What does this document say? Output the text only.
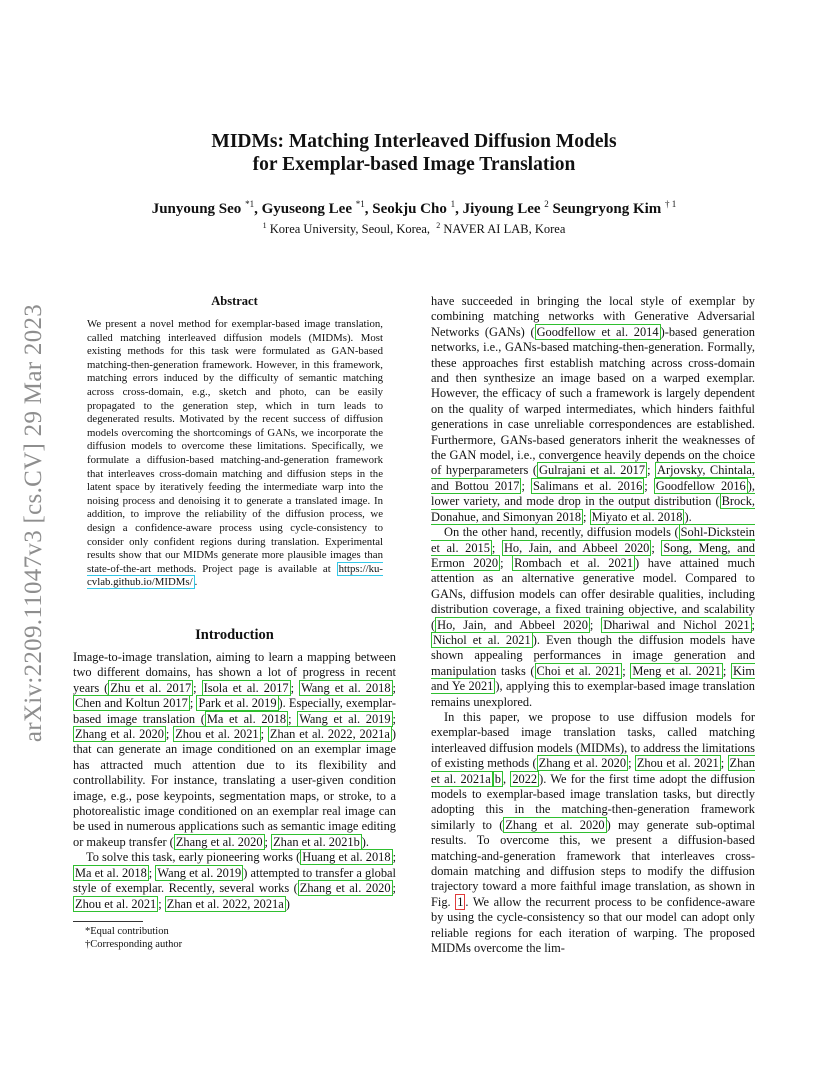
MIDMs: Matching Interleaved Diffusion Models
for Exemplar-based Image Translation
Junyoung Seo $^{*1}$, Gyuseong Lee $^{*1}$, Seokju Cho $^1$, Jiyoung Lee $^2$ Seungryong Kim $^{\dagger 1}$
$^1$ Korea University, Seoul, Korea,  $^2$ NAVER AI LAB, Korea
arXiv:2209.11047v3 [cs.CV] 29 Mar 2023
Abstract
We present a novel method for exemplar-based image translation, called matching interleaved diffusion models (MIDMs). Most existing methods for this task were formulated as GAN-based matching-then-generation framework. However, in this framework, matching errors induced by the difficulty of semantic matching across cross-domain, e.g., sketch and photo, can be easily propagated to the generation step, which in turn leads to degenerated results. Motivated by the recent success of diffusion models overcoming the shortcomings of GANs, we incorporate the diffusion models to overcome these limitations. Specifically, we formulate a diffusion-based matching-and-generation framework that interleaves cross-domain matching and diffusion steps in the latent space by iteratively feeding the intermediate warp into the noising process and denoising it to generate a translated image. In addition, to improve the reliability of the diffusion process, we design a confidence-aware process using cycle-consistency to consider only confident regions during translation. Experimental results show that our MIDMs generate more plausible images than state-of-the-art methods. Project page is available at https://ku-cvlab.github.io/MIDMs/ .
Introduction

Image-to-image translation, aiming to learn a mapping between two different domains, has shown a lot of progress in recent years ( Zhu et al. 2017 ; Isola et al. 2017 ; Wang et al. 2018 ; Chen and Koltun 2017 ; Park et al. 2019 ). Especially, exemplar-based image translation ( Ma et al. 2018 ; Wang et al. 2019 ; Zhang et al. 2020 ; Zhou et al. 2021 ; Zhan et al. 2022, 2021a ) that can generate an image conditioned on an exemplar image has attracted much attention due to its flexibility and controllability. For instance, translating a user-given condition image, e.g., pose keypoints, segmentation maps, or stroke, to a photorealistic image conditioned on an exemplar real image can be used in numerous applications such as semantic image editing or makeup transfer ( Zhang et al. 2020 ; Zhan et al. 2021b ).

To solve this task, early pioneering works ( Huang et al. 2018 ; Ma et al. 2018 ; Wang et al. 2019 ) attempted to transfer a global style of exemplar. Recently, several works ( Zhang et al. 2020 ; Zhou et al. 2021 ; Zhan et al. 2022, 2021a )

*Equal contribution
†Corresponding author

have succeeded in bringing the local style of exemplar by combining matching networks with Generative Adversarial Networks (GANs) ( Goodfellow et al. 2014 )-based generation networks, i.e., GANs-based matching-then-generation. Formally, these approaches first establish matching across cross-domain and then synthesize an image based on a warped exemplar. However, the efficacy of such a framework is largely dependent on the quality of warped intermediates, which hinders faithful generations in case unreliable correspondences are established. Furthermore, GANs-based generators inherit the weaknesses of the GAN model, i.e., convergence heavily depends on the choice of hyperparameters ( Gulrajani et al. 2017 ; Arjovsky, Chintala, and Bottou 2017 ; Salimans et al. 2016 ; Goodfellow 2016 ), lower variety, and mode drop in the output distribution ( Brock, Donahue, and Simonyan 2018 ; Miyato et al. 2018 ).

On the other hand, recently, diffusion models ( Sohl-Dickstein et al. 2015 ; Ho, Jain, and Abbeel 2020 ; Song, Meng, and Ermon 2020 ; Rombach et al. 2021 ) have attained much attention as an alternative generative model. Compared to GANs, diffusion models can offer desirable qualities, including distribution coverage, a fixed training objective, and scalability ( Ho, Jain, and Abbeel 2020 ; Dhariwal and Nichol 2021 ; Nichol et al. 2021 ). Even though the diffusion models have shown appealing performances in image generation and manipulation tasks ( Choi et al. 2021 ; Meng et al. 2021 ; Kim and Ye 2021 ), applying this to exemplar-based image translation remains unexplored.

In this paper, we propose to use diffusion models for exemplar-based image translation tasks, called matching interleaved diffusion models (MIDMs), to address the limitations of existing methods ( Zhang et al. 2020 ; Zhou et al. 2021 ; Zhan et al. 2021a b , 2022 ). We for the first time adopt the diffusion models to exemplar-based image translation tasks, but directly adopting this in the matching-then-generation framework similarly to ( Zhang et al. 2020 ) may generate sub-optimal results. To overcome this, we present a diffusion-based matching-and-generation framework that interleaves cross-domain matching and diffusion steps to modify the diffusion trajectory toward a more faithful image translation, as shown in Fig. 1 . We allow the recurrent process to be confidence-aware by using the cycle-consistency so that our model can adopt only reliable regions for each iteration of warping. The proposed MIDMs overcome the lim-
